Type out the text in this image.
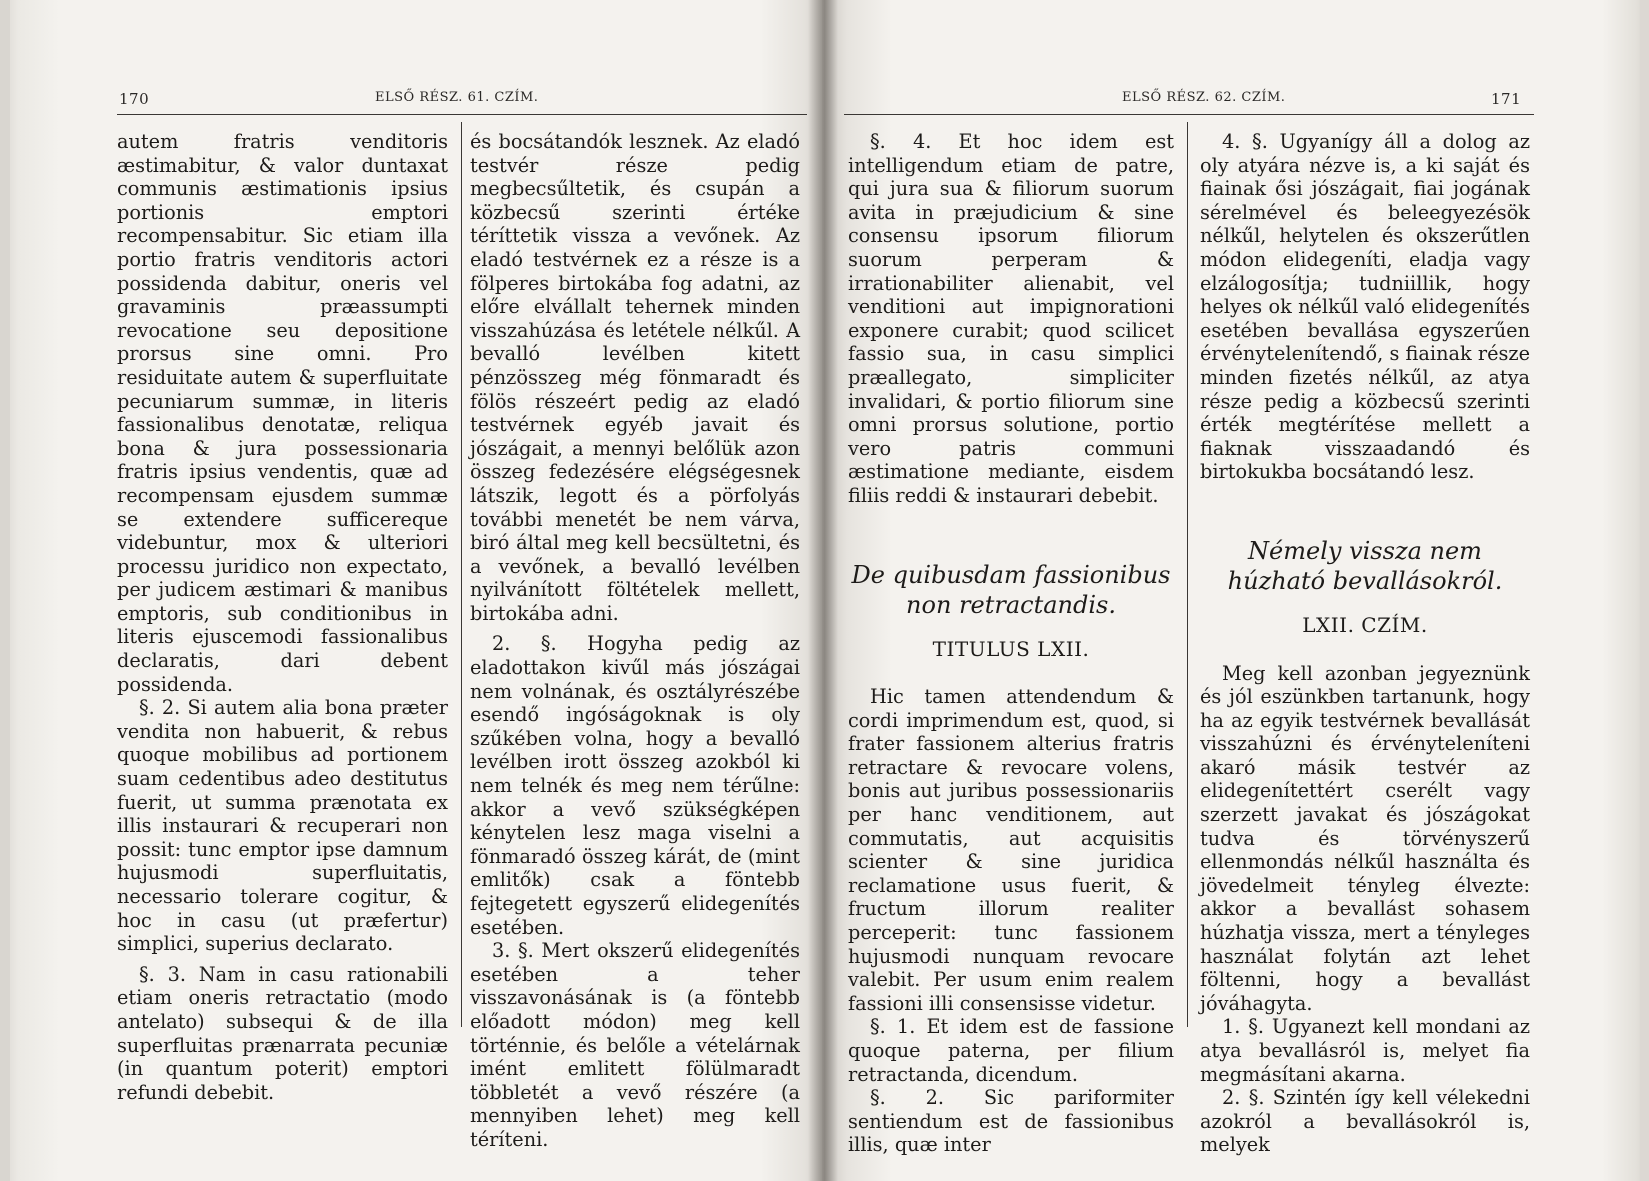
170	ELSŐ RÉSZ. 61. CZÍM.

autem fratris venditoris æstimabitur, & valor duntaxat communis æstimationis ipsius portionis emptori recompensabitur. Sic etiam illa portio fratris venditoris actori possidenda dabitur, oneris vel gravaminis præassumpti revocatione seu depositione prorsus sine omni. Pro residuitate autem & superfluitate pecuniarum summæ, in literis fassionalibus denotatæ, reliqua bona & jura possessionaria fratris ipsius vendentis, quæ ad recompensam ejusdem summæ se extendere sufficereque videbuntur, mox & ulteriori processu juridico non expectato, per judicem æstimari & manibus emptoris, sub conditionibus in literis ejuscemodi fassionalibus declaratis, dari debent possidenda.

§. 2. Si autem alia bona præter vendita non habuerit, & rebus quoque mobilibus ad portionem suam cedentibus adeo destitutus fuerit, ut summa prænotata ex illis instaurari & recuperari non possit: tunc emptor ipse damnum hujusmodi superfluitatis, necessario tolerare cogitur, & hoc in casu (ut præfertur) simplici, superius declarato.

§. 3. Nam in casu rationabili etiam oneris retractatio (modo antelato) subsequi & de illa superfluitas prænarrata pecuniæ (in quantum poterit) emptori refundi debebit.

és bocsátandók lesznek. Az eladó testvér része pedig megbecsűltetik, és csupán a közbecsű szerinti értéke téríttetik vissza a vevőnek. Az eladó testvérnek ez a része is a fölperes birtokába fog adatni, az előre elvállalt tehernek minden visszahúzása és letétele nélkűl. A bevalló levélben kitett pénzösszeg még fönmaradt és fölös részeért pedig az eladó testvérnek egyéb javait és jószágait, a mennyi belőlük azon összeg fedezésére elégségesnek látszik, legott és a pörfolyás további menetét be nem várva, biró által meg kell becsültetni, és a vevőnek, a bevalló levélben nyilvánított föltételek mellett, birtokába adni.

2. §. Hogyha pedig az eladottakon kivűl más jószágai nem volnának, és osztályrészébe esendő ingóságoknak is oly szűkében volna, hogy a bevalló levélben irott összeg azokból ki nem telnék és meg nem térűlne: akkor a vevő szükségképen kénytelen lesz maga viselni a fönmaradó összeg kárát, de (mint emlitők) csak a föntebb fejtegetett egyszerű elidegenítés esetében.

3. §. Mert okszerű elidegenítés esetében a teher visszavonásának is (a föntebb előadott módon) meg kell történnie, és belőle a vételárnak imént emlitett fölülmaradt többletét a vevő részére (a mennyiben lehet) meg kell téríteni.

ELSŐ RÉSZ. 62. CZÍM.	171

§. 4. Et hoc idem est intelligendum etiam de patre, qui jura sua & filiorum suorum avita in præjudicium & sine consensu ipsorum filiorum suorum perperam & irrationabiliter alienabit, vel venditioni aut impignorationi exponere curabit; quod scilicet fassio sua, in casu simplici præallegato, simpliciter invalidari, & portio filiorum sine omni prorsus solutione, portio vero patris communi æstimatione mediante, eisdem filiis reddi & instaurari debebit.

De quibusdam fassionibus non retractandis.
TITULUS LXII.

Hic tamen attendendum & cordi imprimendum est, quod, si frater fassionem alterius fratris retractare & revocare volens, bonis aut juribus possessionariis per hanc venditionem, aut commutatis, aut acquisitis scienter & sine juridica reclamatione usus fuerit, & fructum illorum realiter perceperit: tunc fassionem hujusmodi nunquam revocare valebit. Per usum enim realem fassioni illi consensisse videtur.

§. 1. Et idem est de fassione quoque paterna, per filium retractanda, dicendum.

§. 2. Sic pariformiter sentiendum est de fassionibus illis, quæ inter

4. §. Ugyanígy áll a dolog az oly atyára nézve is, a ki saját és fiainak ősi jószágait, fiai jogának sérelmével és beleegyezésök nélkűl, helytelen és okszerűtlen módon elidegeníti, eladja vagy elzálogosítja; tudniillik, hogy helyes ok nélkűl való elidegenítés esetében bevallása egyszerűen érvénytelenítendő, s fiainak része minden fizetés nélkűl, az atya része pedig a közbecsű szerinti érték megtérítése mellett a fiaknak visszaadandó és birtokukba bocsátandó lesz.

Némely vissza nem húzható bevallásokról.
LXII. CZÍM.

Meg kell azonban jegyeznünk és jól eszünkben tartanunk, hogy ha az egyik testvérnek bevallását visszahúzni és érvényteleníteni akaró másik testvér az elidegenítettért cserélt vagy szerzett javakat és jószágokat tudva és törvényszerű ellenmondás nélkűl használta és jövedelmeit tényleg élvezte: akkor a bevallást sohasem húzhatja vissza, mert a tényleges használat folytán azt lehet föltenni, hogy a bevallást jóváhagyta.

1. §. Ugyanezt kell mondani az atya bevallásról is, melyet fia megmásítani akarna.

2. §. Szintén így kell vélekedni azokról a bevallásokról is, melyek
